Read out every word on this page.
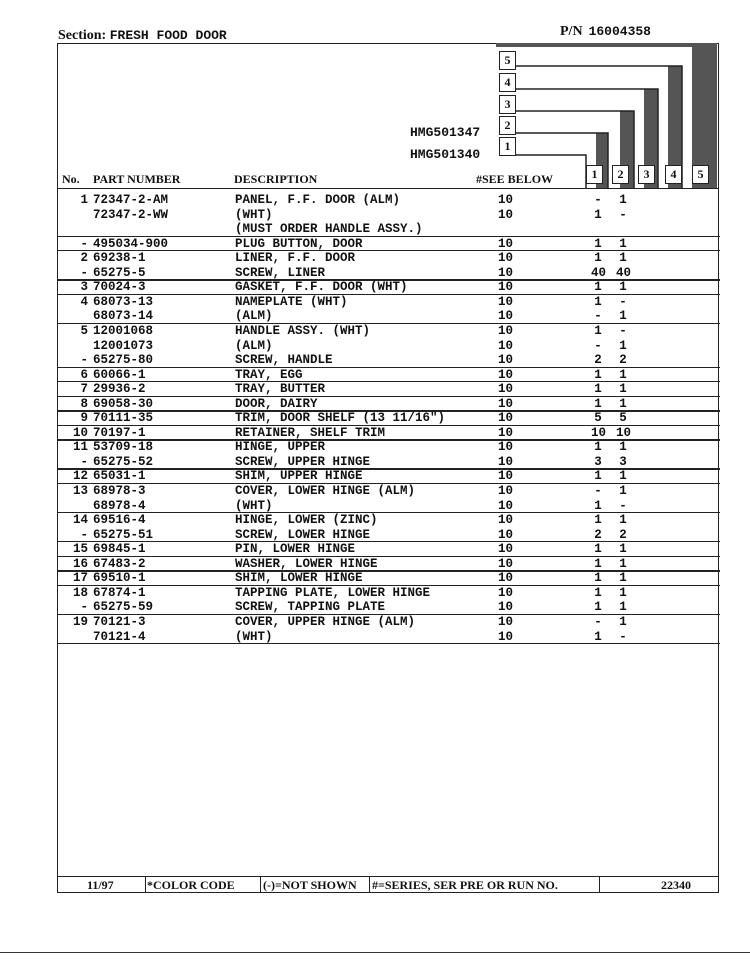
Section: FRESH FOOD DOOR	P/N 16004358
5
4
3
2
1
HMG501347
HMG501340
1	2	3	4	5
No. PART NUMBER	DESCRIPTION	#SEE BELOW
1 72347-2-AM	PANEL, F.F. DOOR (ALM)	10	- 1
72347-2-WW	(WHT)	10	1 -
(MUST ORDER HANDLE ASSY.)
- 495034-900	PLUG BUTTON, DOOR	10	1 1
2 69238-1	LINER, F.F. DOOR	10	1 1
- 65275-5	SCREW, LINER	10	40 40
3 70024-3	GASKET, F.F. DOOR (WHT)	10	1 1
4 68073-13	NAMEPLATE (WHT)	10	1 -
68073-14	(ALM)	10	- 1
5 12001068	HANDLE ASSY. (WHT)	10	1 -
12001073	(ALM)	10	- 1
- 65275-80	SCREW, HANDLE	10	2 2
6 60066-1	TRAY, EGG	10	1 1
7 29936-2	TRAY, BUTTER	10	1 1
8 69058-30	DOOR, DAIRY	10	1 1
9 70111-35	TRIM, DOOR SHELF (13 11/16")	10	5 5
10 70197-1	RETAINER, SHELF TRIM	10	10 10
11 53709-18	HINGE, UPPER	10	1 1
- 65275-52	SCREW, UPPER HINGE	10	3 3
12 65031-1	SHIM, UPPER HINGE	10	1 1
13 68978-3	COVER, LOWER HINGE (ALM)	10	- 1
68978-4	(WHT)	10	1 -
14 69516-4	HINGE, LOWER (ZINC)	10	1 1
- 65275-51	SCREW, LOWER HINGE	10	2 2
15 69845-1	PIN, LOWER HINGE	10	1 1
16 67483-2	WASHER, LOWER HINGE	10	1 1
17 69510-1	SHIM, LOWER HINGE	10	1 1
18 67874-1	TAPPING PLATE, LOWER HINGE	10	1 1
- 65275-59	SCREW, TAPPING PLATE	10	1 1
19 70121-3	COVER, UPPER HINGE (ALM)	10	- 1
70121-4	(WHT)	10	1 -
11/97	*COLOR CODE (-)=NOT SHOWN #=SERIES, SER PRE OR RUN NO.	22340
